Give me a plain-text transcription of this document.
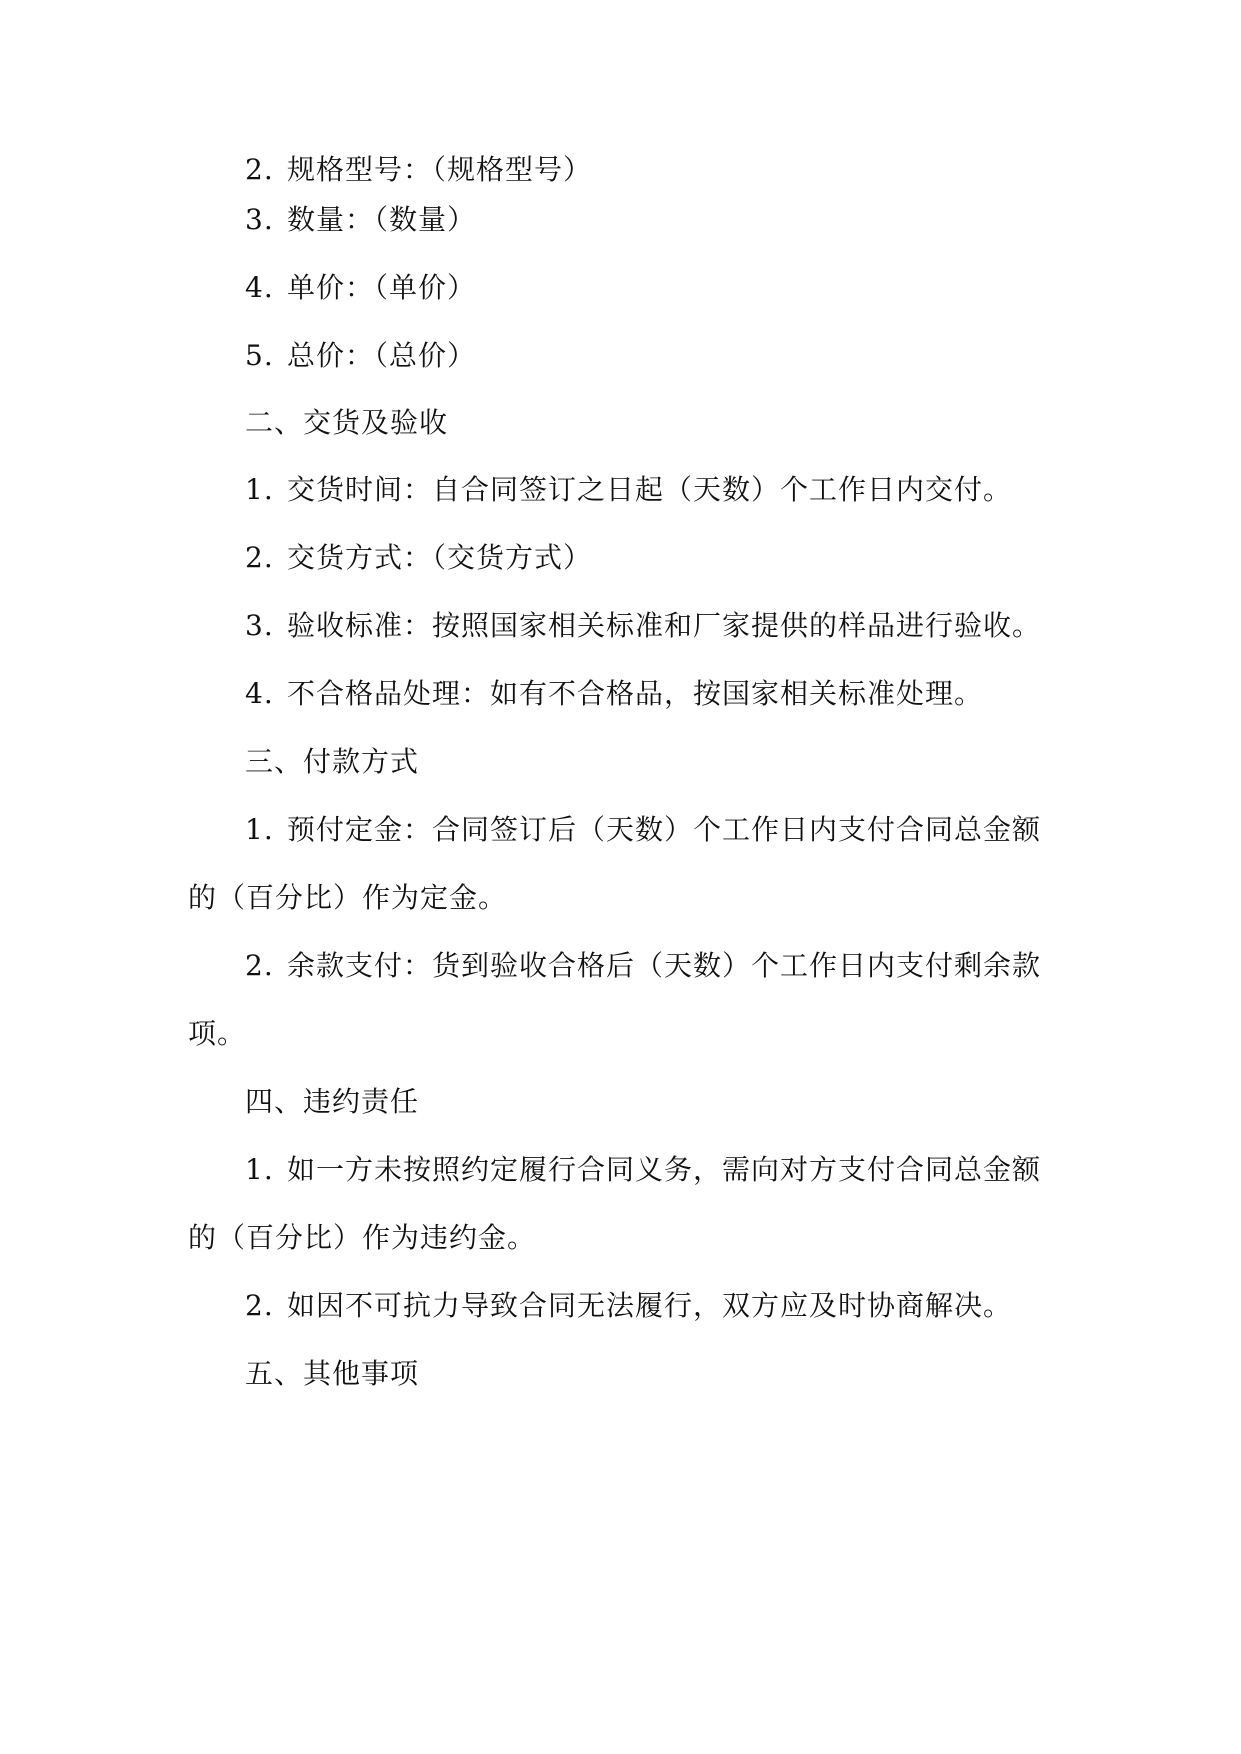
2. 规格型号：（规格型号）
3. 数量：（数量）
4. 单价：（单价）
5. 总价：（总价）
二、交货及验收
1. 交货时间：自合同签订之日起（天数）个工作日内交付。
2. 交货方式：（交货方式）
3. 验收标准：按照国家相关标准和厂家提供的样品进行验收。
4. 不合格品处理：如有不合格品，按国家相关标准处理。
三、付款方式
1. 预付定金：合同签订后（天数）个工作日内支付合同总金额
的（百分比）作为定金。
2. 余款支付：货到验收合格后（天数）个工作日内支付剩余款
项。
四、违约责任
1. 如一方未按照约定履行合同义务，需向对方支付合同总金额
的（百分比）作为违约金。
2. 如因不可抗力导致合同无法履行，双方应及时协商解决。
五、其他事项
